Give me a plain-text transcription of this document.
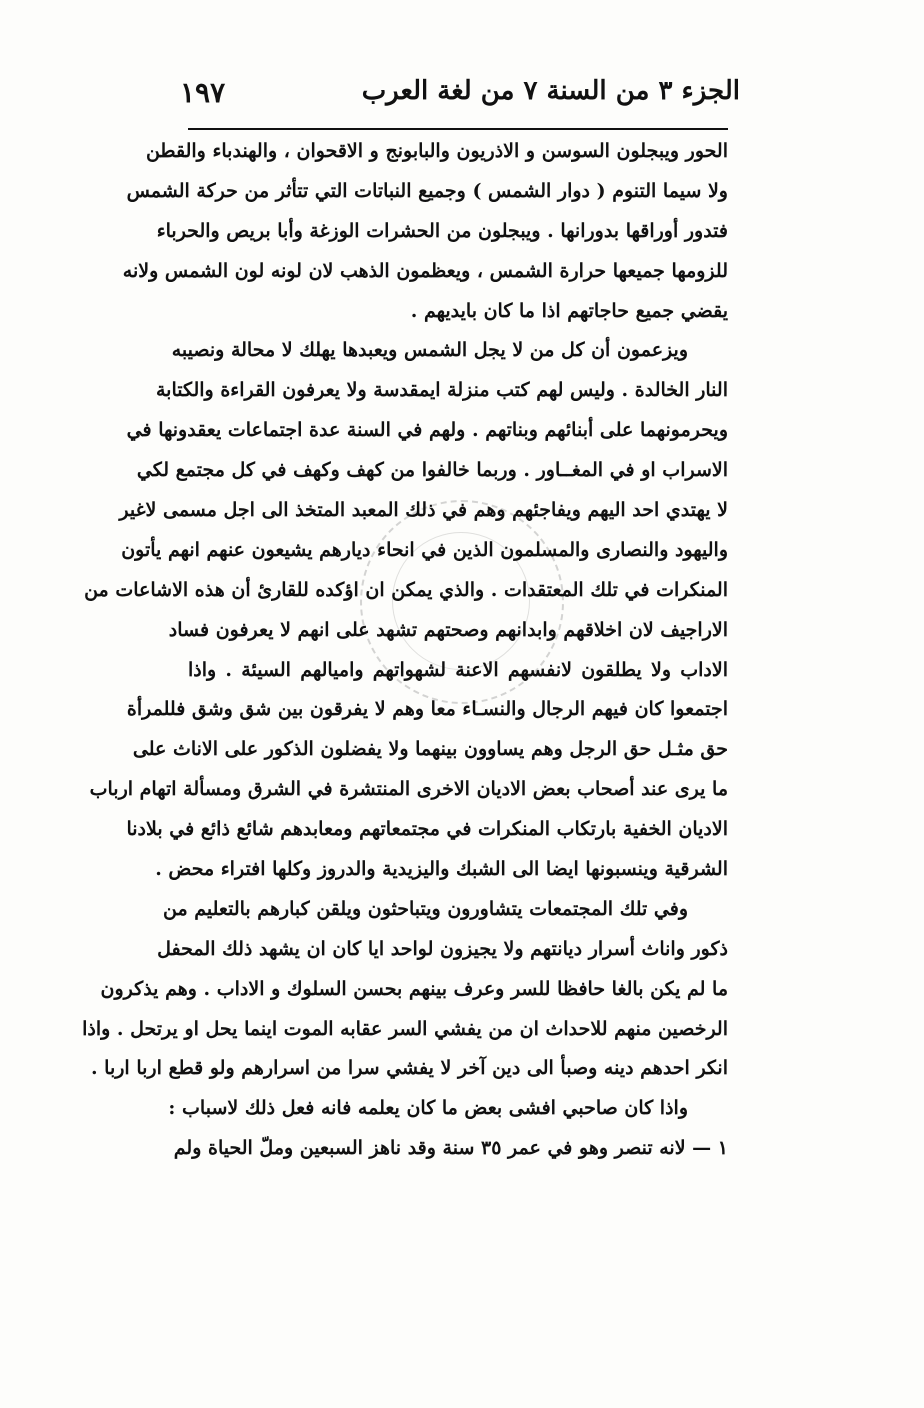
الجزء ٣ من السنة ٧ من لغة العرب
١٩٧
الحور ويبجلون السوسن و الاذريون والبابونج و الاقحوان ، والهندباء والقطن
ولا سيما التنوم ( دوار الشمس ) وجميع النباتات التي تتأثر من حركة الشمس
فتدور أوراقها بدورانها . ويبجلون من الحشرات الوزغة وأبا بريص والحرباء
للزومها جميعها حرارة الشمس ، ويعظمون الذهب لان لونه لون الشمس ولانه
يقضي جميع حاجاتهم اذا ما كان بايديهم .
ويزعمون أن كل من لا يجل الشمس ويعبدها يهلك لا محالة ونصيبه
النار الخالدة . وليس لهم كتب منزلة ايمقدسة ولا يعرفون القراءة والكتابة
ويحرمونهما على أبنائهم وبناتهم . ولهم في السنة عدة اجتماعات يعقدونها في
الاسراب او في المغــاور . وربما خالفوا من كهف وكهف في كل مجتمع لكي
لا يهتدي احد اليهم ويفاجئهم وهم في ذلك المعبد المتخذ الى اجل مسمى لاغير
واليهود والنصارى والمسلمون الذين في انحاء ديارهم يشيعون عنهم انهم يأتون
المنكرات في تلك المعتقدات . والذي يمكن ان اؤكده للقارئ أن هذه الاشاعات من
الاراجيف لان اخلاقهم وابدانهم وصحتهم تشهد على انهم لا يعرفون فساد
الاداب ولا يطلقون لانفسهم الاعنة لشهواتهم واميالهم السيئة . واذا
اجتمعوا كان فيهم الرجال والنسـاء معا وهم لا يفرقون بين شق وشق فللمرأة
حق مثـل حق الرجل وهم يساوون بينهما ولا يفضلون الذكور على الاناث على
ما يرى عند أصحاب بعض الاديان الاخرى المنتشرة في الشرق ومسألة اتهام ارباب
الاديان الخفية بارتكاب المنكرات في مجتمعاتهم ومعابدهم شائع ذائع في بلادنا
الشرقية وينسبونها ايضا الى الشبك واليزيدية والدروز وكلها افتراء محض .
وفي تلك المجتمعات يتشاورون ويتباحثون ويلقن كبارهم بالتعليم من
ذكور واناث أسرار ديانتهم ولا يجيزون لواحد ايا كان ان يشهد ذلك المحفل
ما لم يكن بالغا حافظا للسر وعرف بينهم بحسن السلوك و الاداب . وهم يذكرون
الرخصين منهم للاحداث ان من يفشي السر عقابه الموت اينما يحل او يرتحل . واذا
انكر احدهم دينه وصبأ الى دين آخر لا يفشي سرا من اسرارهم ولو قطع اربا اربا .
واذا كان صاحبي افشى بعض ما كان يعلمه فانه فعل ذلك لاسباب :
١ — لانه تنصر وهو في عمر ٣٥ سنة وقد ناهز السبعين وملّ الحياة ولم
